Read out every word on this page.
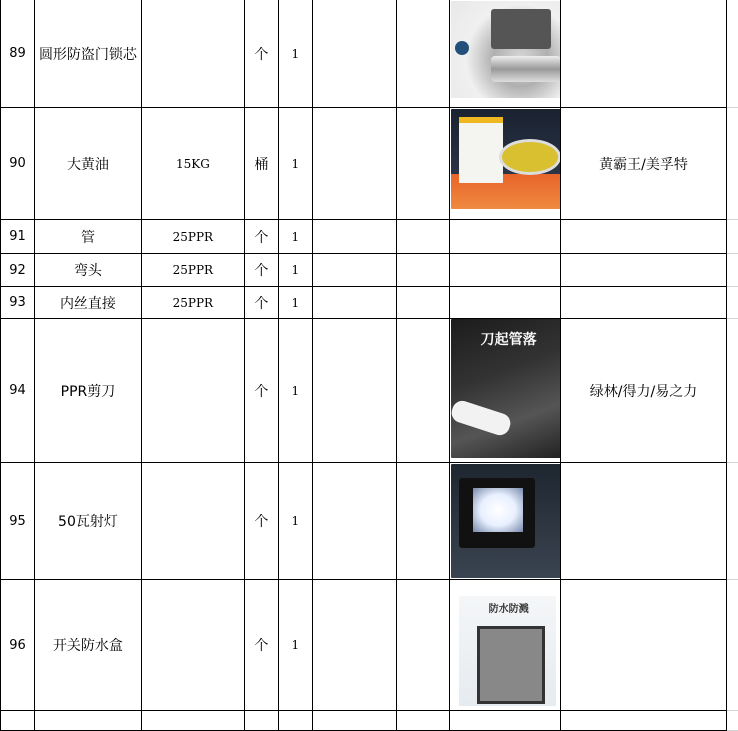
89	圆形防盗门锁芯		个	1			

90	大黄油	15KG	桶	1				黄霸王/美孚特	
91	管	25PPR	个	1					
92	弯头	25PPR	个	1					
93	内丝直接	25PPR	个	1					
94	PPR剪刀		个	1			刀起管落	绿林/得力/易之力	
95	50瓦射灯		个	1			

96	开关防水盒		个	1			防水防溅		
